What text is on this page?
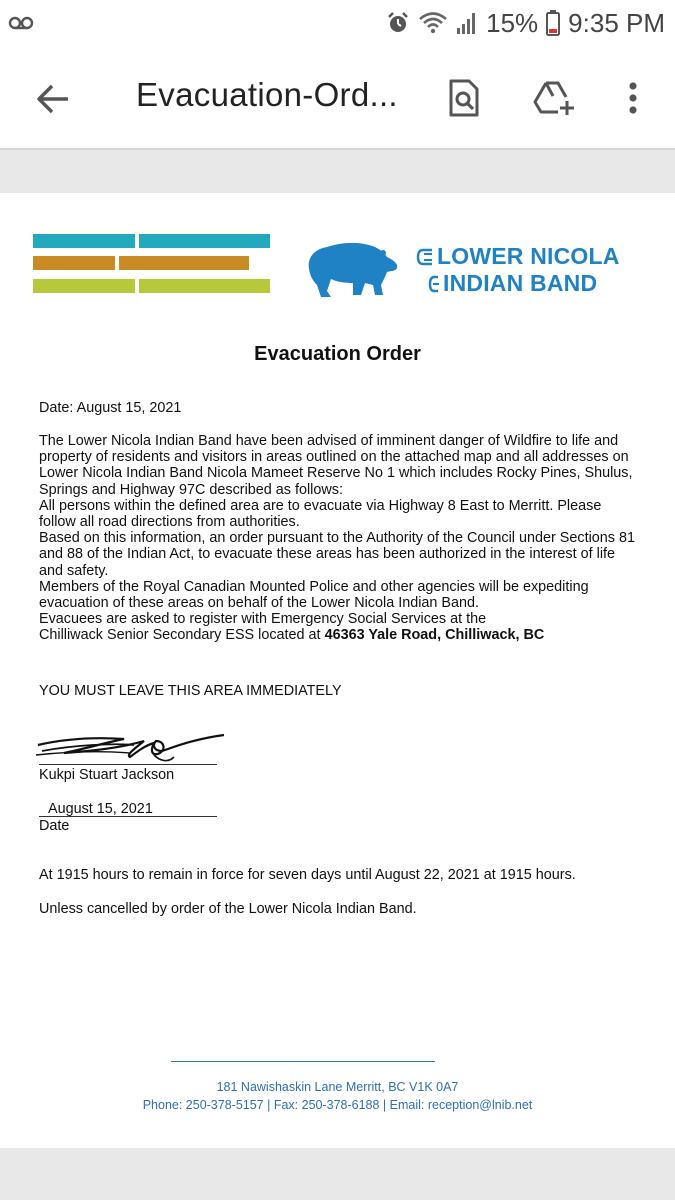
15% 9:35 PM
Evacuation-Ord...
LOWER NICOLA
INDIAN BAND
Evacuation Order
Date: August 15, 2021

The Lower Nicola Indian Band have been advised of imminent danger of Wildfire to life and
property of residents and visitors in areas outlined on the attached map and all addresses on
Lower Nicola Indian Band Nicola Mameet Reserve No 1 which includes Rocky Pines, Shulus,
Springs and Highway 97C described as follows:
All persons within the defined area are to evacuate via Highway 8 East to Merritt. Please
follow all road directions from authorities.
Based on this information, an order pursuant to the Authority of the Council under Sections 81
and 88 of the Indian Act, to evacuate these areas has been authorized in the interest of life
and safety.
Members of the Royal Canadian Mounted Police and other agencies will be expediting
evacuation of these areas on behalf of the Lower Nicola Indian Band.
Evacuees are asked to register with Emergency Social Services at the
Chilliwack Senior Secondary ESS located at 46363 Yale Road, Chilliwack, BC

YOU MUST LEAVE THIS AREA IMMEDIATELY
Kukpi Stuart Jackson
August 15, 2021
Date
At 1915 hours to remain in force for seven days until August 22, 2021 at 1915 hours.
Unless cancelled by order of the Lower Nicola Indian Band.
181 Nawishaskin Lane Merritt, BC V1K 0A7
Phone: 250-378-5157 | Fax: 250-378-6188 | Email: reception@lnib.net
